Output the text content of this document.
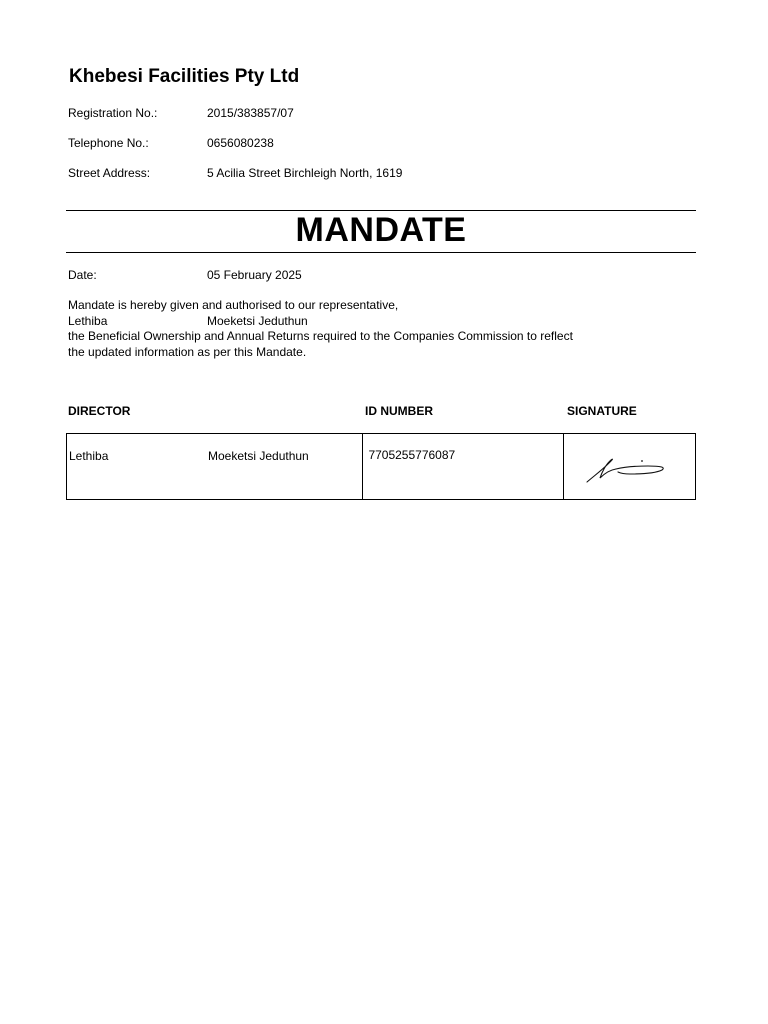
Khebesi Facilities Pty Ltd
Registration No.:	2015/383857/07
Telephone No.:	0656080238
Street Address:	5 Acilia Street Birchleigh North, 1619
MANDATE
Date:	05 February 2025
Mandate is hereby given and authorised to our representative,
Lethiba	Moeketsi Jeduthun
the Beneficial Ownership and Annual Returns required to the Companies Commission to reflect
the updated information as per this Mandate.
DIRECTOR	ID NUMBER	SIGNATURE
Lethiba	Moeketsi Jeduthun	7705255776087	
